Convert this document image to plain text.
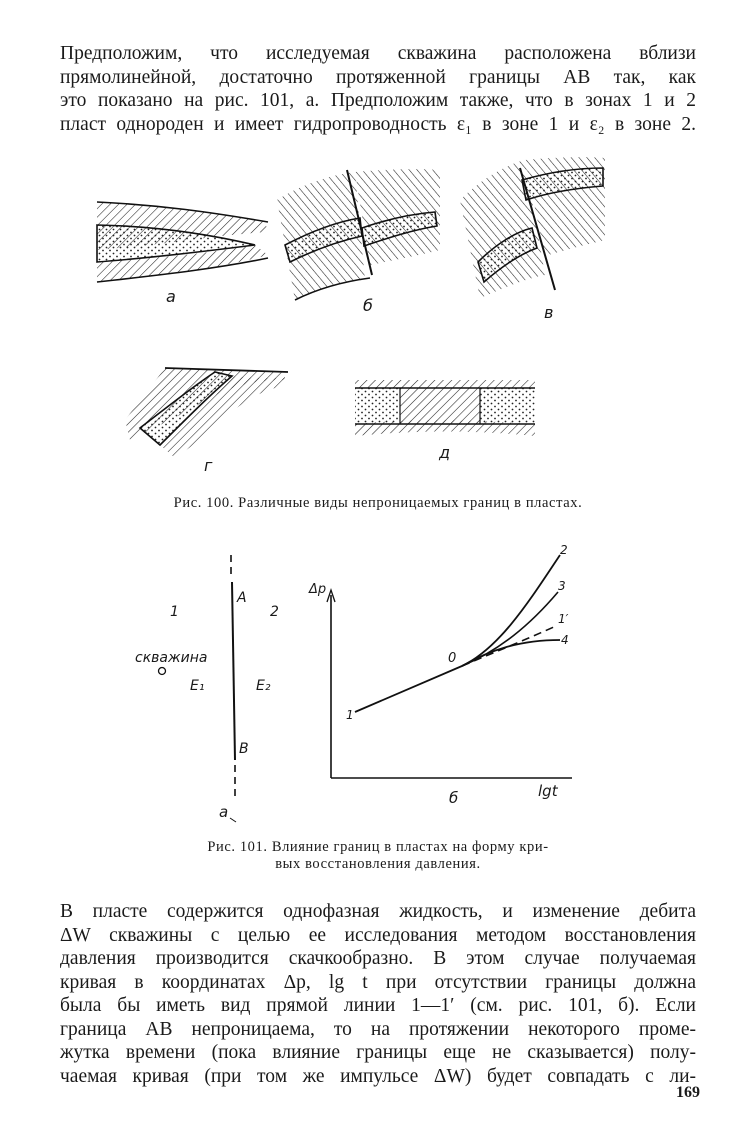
Предположим, что исследуемая скважина расположена вблизи
прямолинейной, достаточно протяженной границы AB так, как
это показано на рис. 101, а. Предположим также, что в зонах 1 и 2
пласт однороден и имеет гидропроводность ε₁ в зоне 1 и ε₂ в зоне 2.
а	б	в
г
д
Рис. 100. Различные виды непроницаемых границ в пластах.
1	2
скважина
E₁	E₂
A
B
а
Δp
lgt
0
б
1
2
3
1′
4
Рис. 101. Влияние границ в пластах на форму кри-
вых восстановления давления.
В пласте содержится однофазная жидкость, и изменение дебита
ΔW скважины с целью ее исследования методом восстановления
давления производится скачкообразно. В этом случае получаемая
кривая в координатах Δp, lg t при отсутствии границы должна
была бы иметь вид прямой линии 1—1′ (см. рис. 101, б). Если
граница AB непроницаема, то на протяжении некоторого проме-
жутка времени (пока влияние границы еще не сказывается) полу-
чаемая кривая (при том же импульсе ΔW) будет совпадать с ли-
169
